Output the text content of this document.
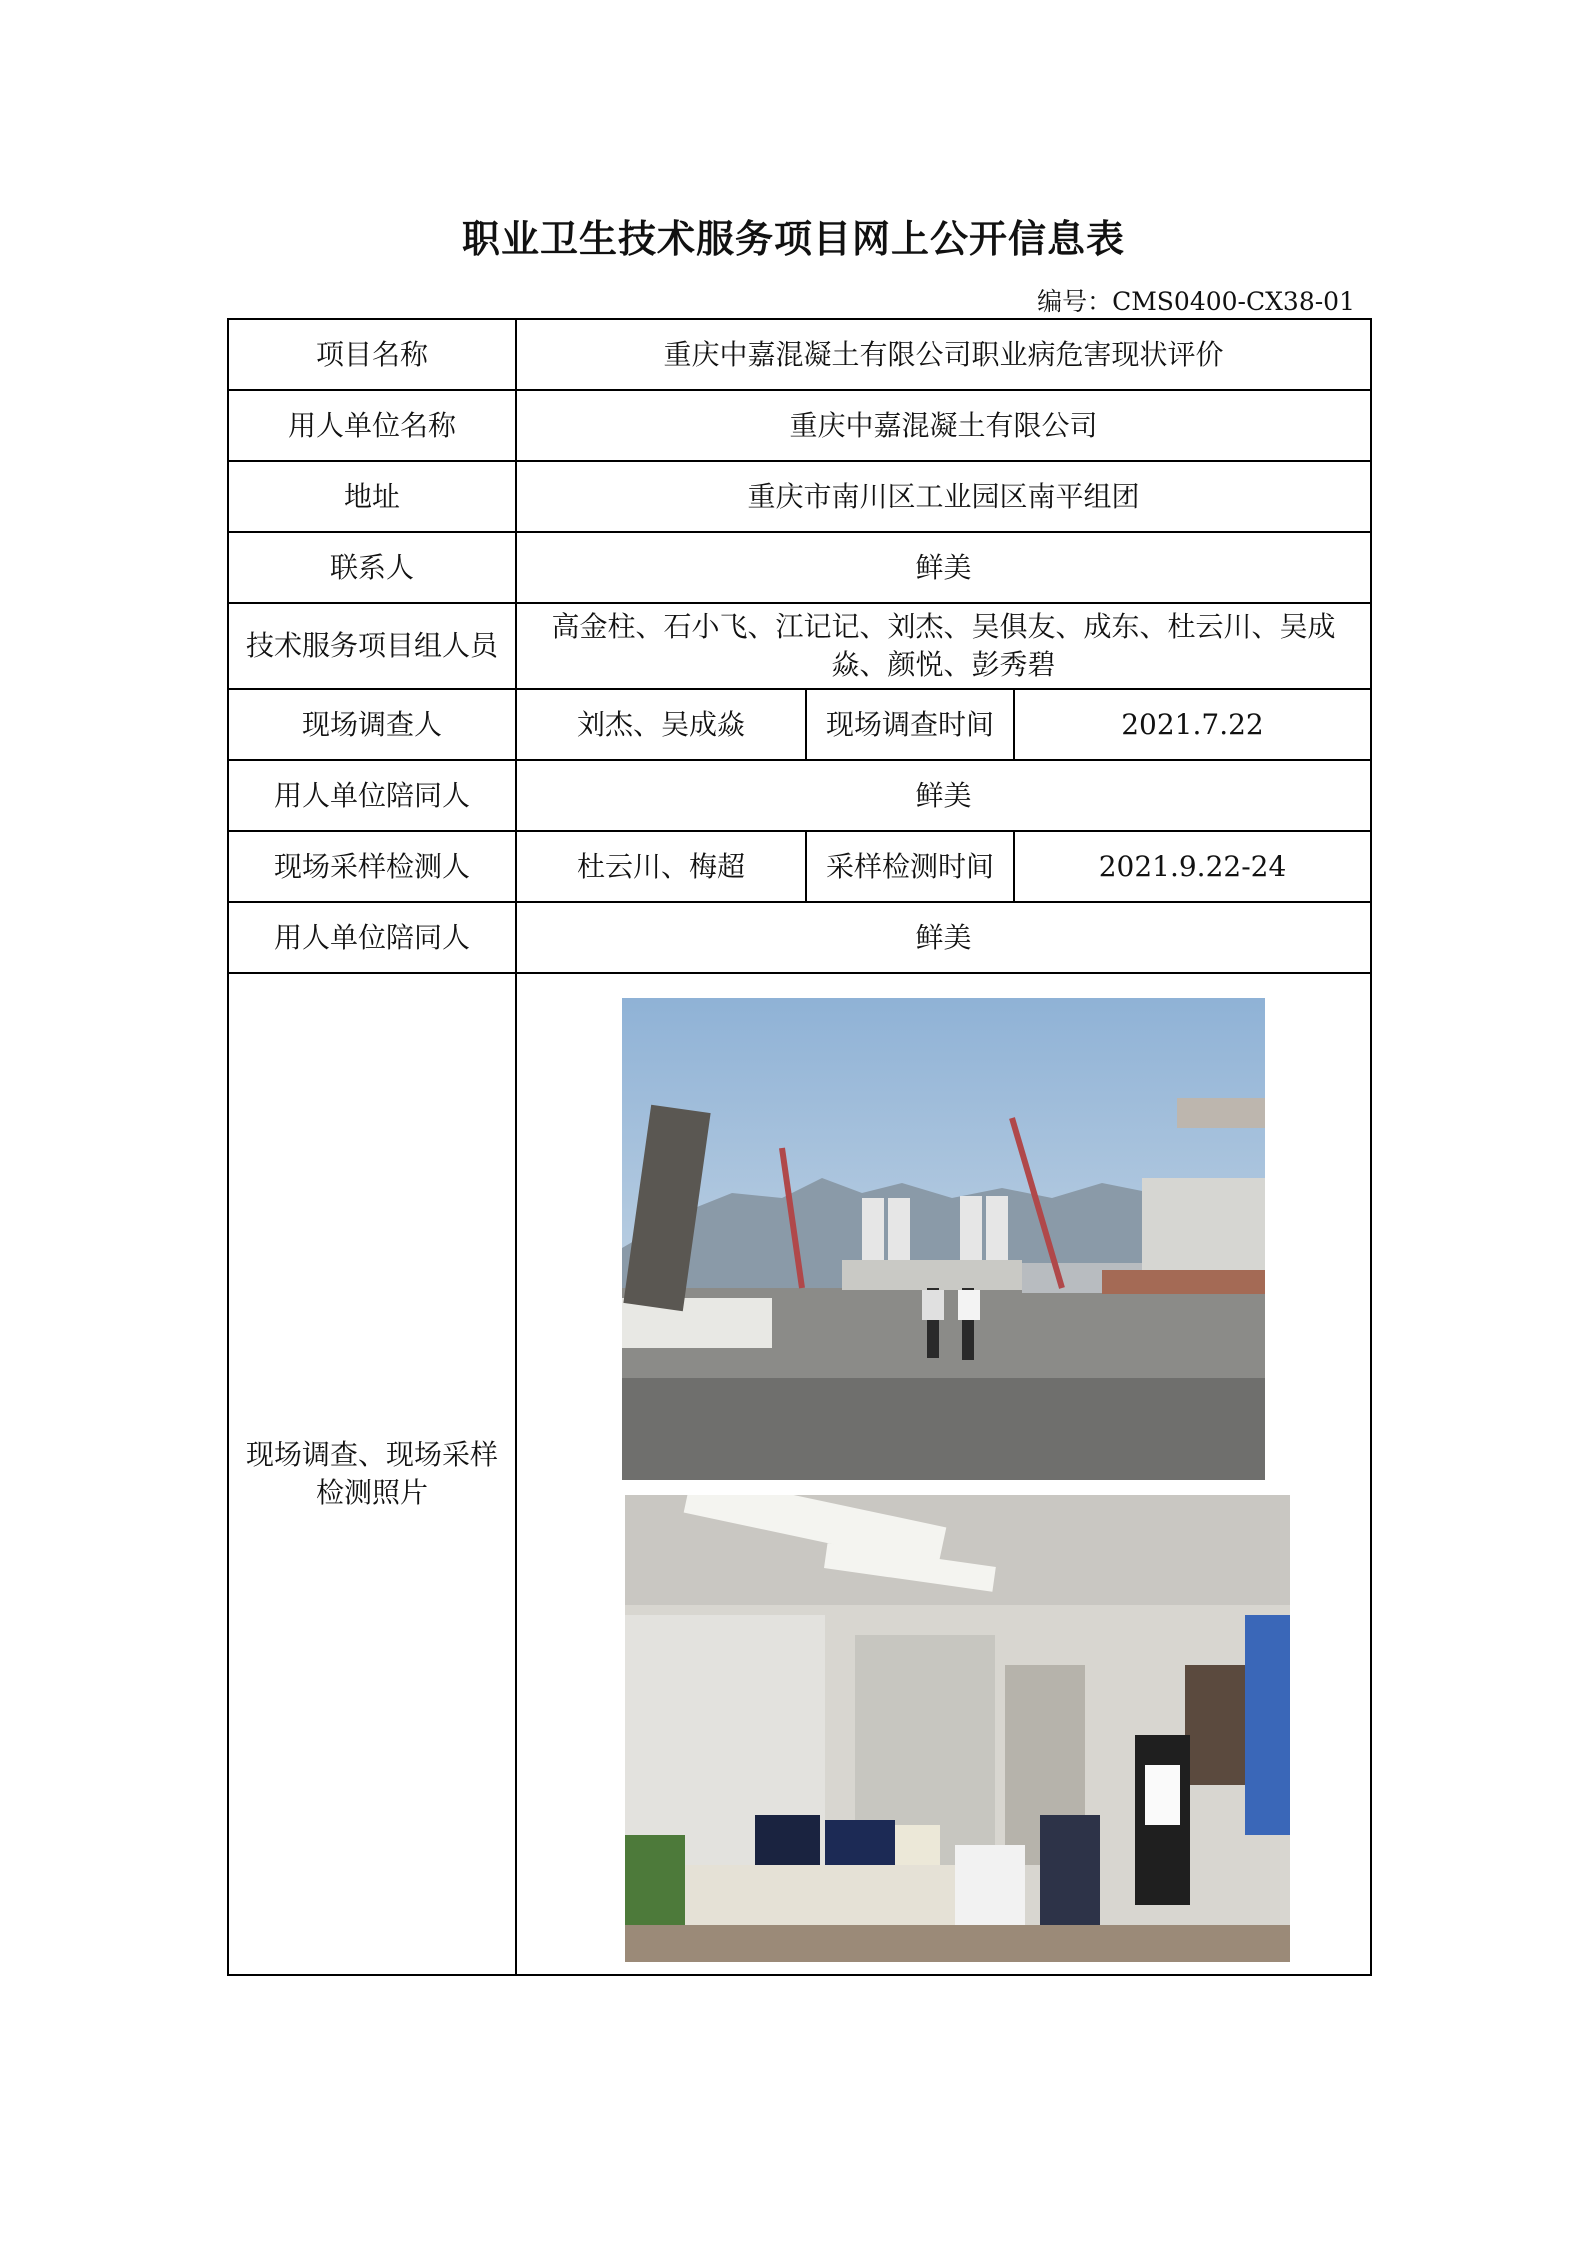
职业卫生技术服务项目网上公开信息表
编号：CMS0400-CX38-01
项目名称	重庆中嘉混凝土有限公司职业病危害现状评价		
用人单位名称	重庆中嘉混凝土有限公司		
地址	重庆市南川区工业园区南平组团		
联系人	鲜美		
技术服务项目组人员	高金柱、石小飞、江记记、刘杰、吴俱友、成东、杜云川、吴成焱、颜悦、彭秀碧		
现场调查人	刘杰、吴成焱	现场调查时间	2021.7.22
用人单位陪同人	鲜美		
现场采样检测人	杜云川、梅超	采样检测时间	2021.9.22-24
用人单位陪同人	鲜美		
现场调查、现场采样检测照片	
